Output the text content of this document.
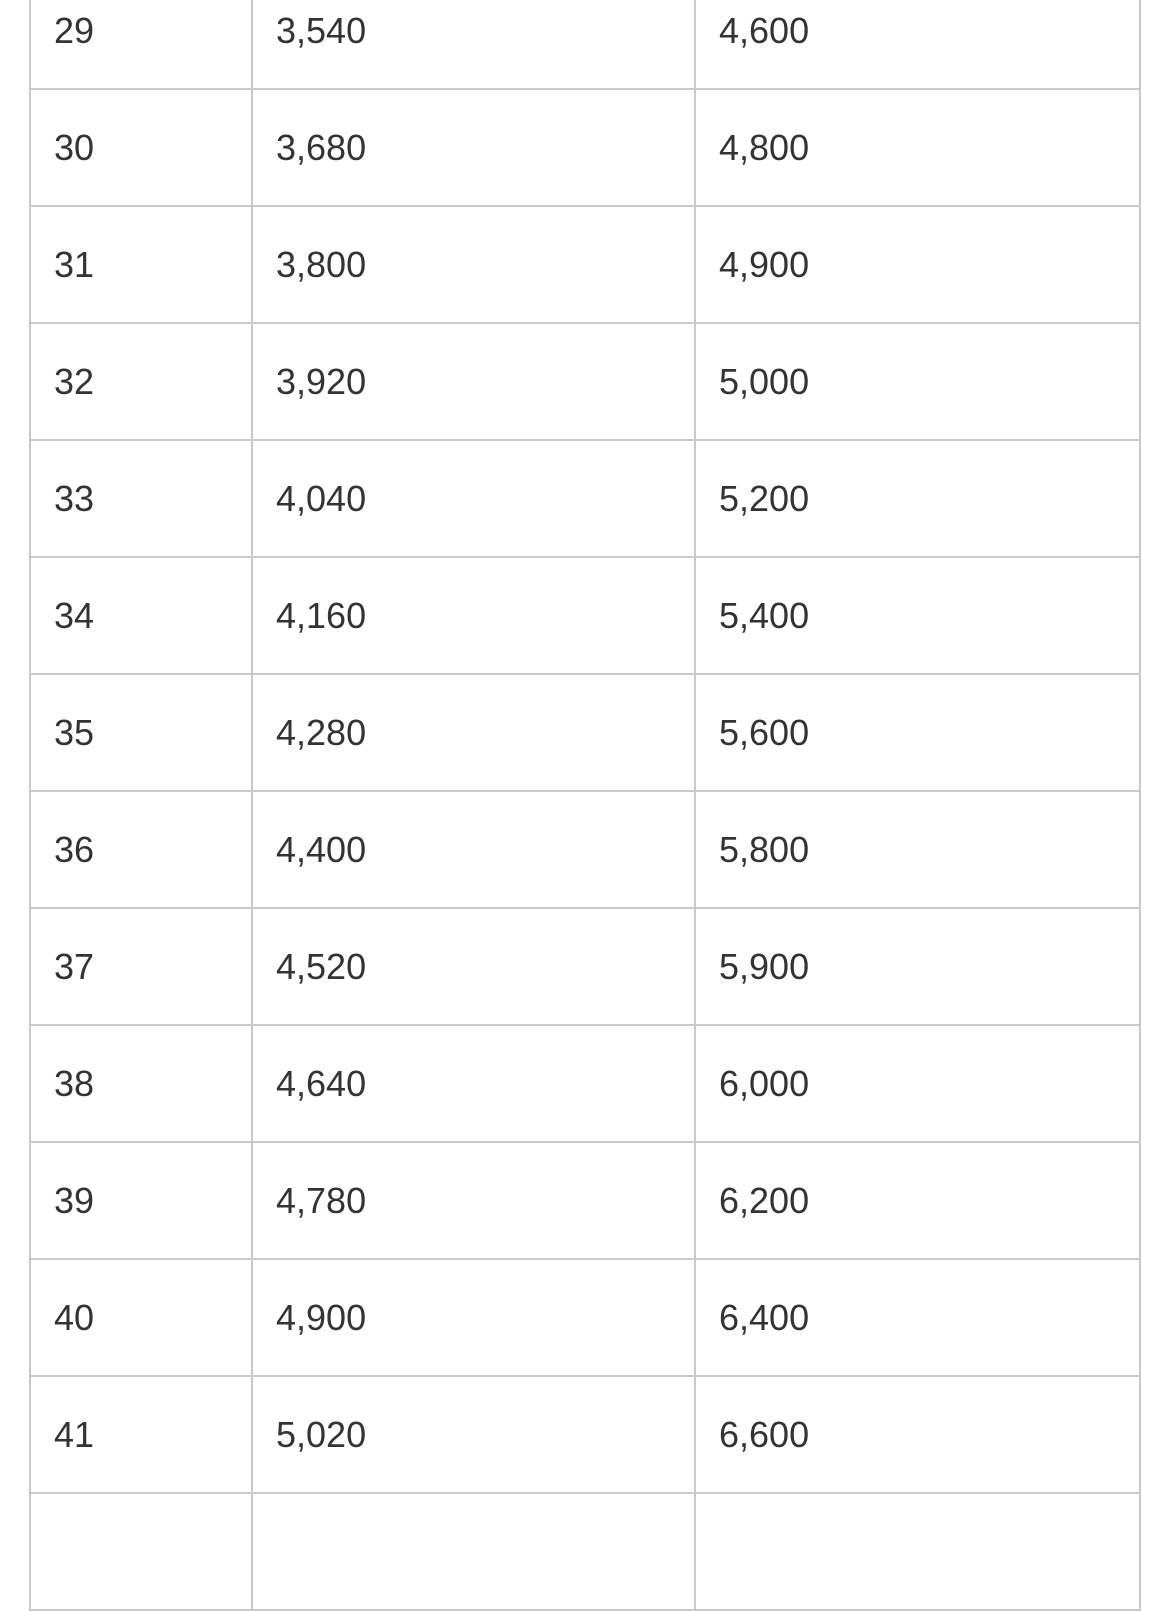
29	3,540	4,600
30	3,680	4,800
31	3,800	4,900
32	3,920	5,000
33	4,040	5,200
34	4,160	5,400
35	4,280	5,600
36	4,400	5,800
37	4,520	5,900
38	4,640	6,000
39	4,780	6,200
40	4,900	6,400
41	5,020	6,600
